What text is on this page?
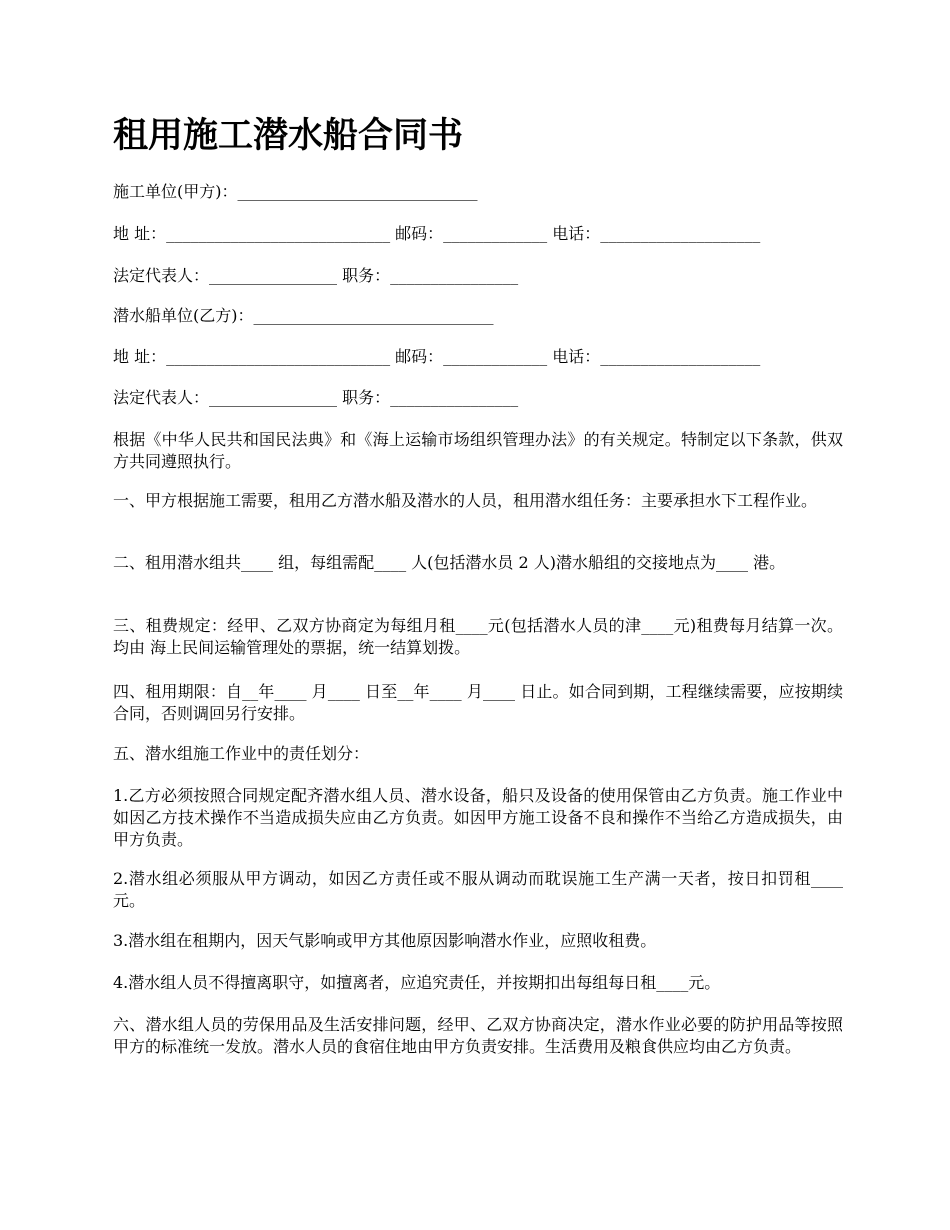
租用施工潜水船合同书
施工单位(甲方)：______________________________
地 址：____________________________ 邮码：_____________ 电话：____________________
法定代表人：________________ 职务：________________
潜水船单位(乙方)：______________________________
地 址：____________________________ 邮码：_____________ 电话：____________________
法定代表人：________________ 职务：________________

根据《中华人民共和国民法典》和《海上运输市场组织管理办法》的有关规定。特制定以下条款，供双方共同遵照执行。

一、甲方根据施工需要，租用乙方潜水船及潜水的人员，租用潜水组任务：主要承担水下工程作业。

二、租用潜水组共____ 组，每组需配____ 人(包括潜水员 2 人)潜水船组的交接地点为____ 港。

三、租费规定：经甲、乙双方协商定为每组月租____元(包括潜水人员的津____元)租费每月结算一次。均由 海上民间运输管理处的票据，统一结算划拨。

四、租用期限：自__年____ 月____ 日至__年____ 月____ 日止。如合同到期，工程继续需要，应按期续合同，否则调回另行安排。

五、潜水组施工作业中的责任划分：

1.乙方必须按照合同规定配齐潜水组人员、潜水设备，船只及设备的使用保管由乙方负责。施工作业中如因乙方技术操作不当造成损失应由乙方负责。如因甲方施工设备不良和操作不当给乙方造成损失，由甲方负责。

2.潜水组必须服从甲方调动，如因乙方责任或不服从调动而耽误施工生产满一天者，按日扣罚租____元。

3.潜水组在租期内，因天气影响或甲方其他原因影响潜水作业，应照收租费。

4.潜水组人员不得擅离职守，如擅离者，应追究责任，并按期扣出每组每日租____元。

六、潜水组人员的劳保用品及生活安排问题，经甲、乙双方协商决定，潜水作业必要的防护用品等按照甲方的标准统一发放。潜水人员的食宿住地由甲方负责安排。生活费用及粮食供应均由乙方负责。
